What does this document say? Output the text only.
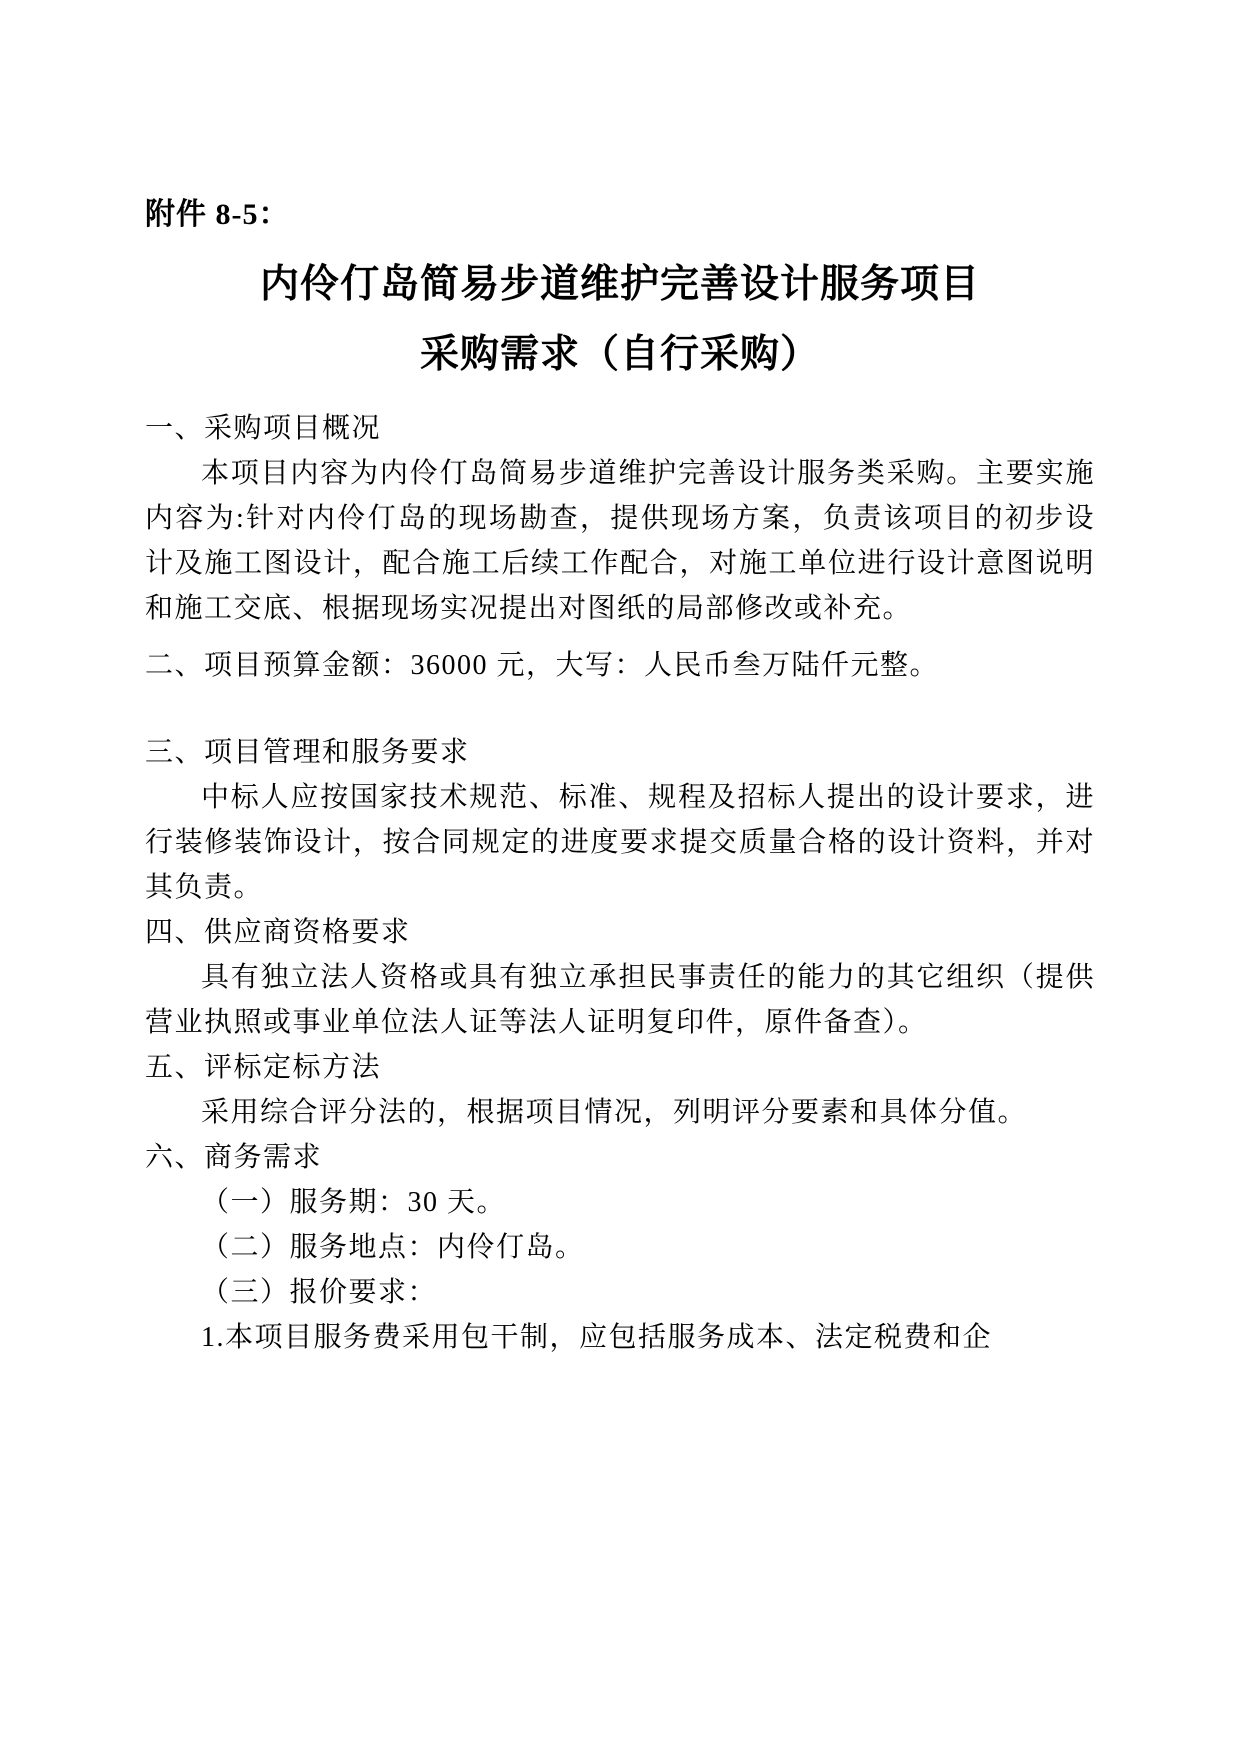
附件 8-5：
内伶仃岛简易步道维护完善设计服务项目
采购需求（自行采购）

一、采购项目概况

本项目内容为内伶仃岛简易步道维护完善设计服务类采购。主要实施内容为:针对内伶仃岛的现场勘查，提供现场方案，负责该项目的初步设计及施工图设计，配合施工后续工作配合，对施工单位进行设计意图说明和施工交底、根据现场实况提出对图纸的局部修改或补充。

二、项目预算金额：36000 元，大写：人民币叁万陆仟元整。

三、项目管理和服务要求

中标人应按国家技术规范、标准、规程及招标人提出的设计要求，进行装修装饰设计，按合同规定的进度要求提交质量合格的设计资料，并对其负责。

四、供应商资格要求

具有独立法人资格或具有独立承担民事责任的能力的其它组织（提供营业执照或事业单位法人证等法人证明复印件，原件备查）。

五、评标定标方法

采用综合评分法的，根据项目情况，列明评分要素和具体分值。

六、商务需求

（一）服务期：30 天。

（二）服务地点：内伶仃岛。

（三）报价要求：

1.本项目服务费采用包干制，应包括服务成本、法定税费和企
